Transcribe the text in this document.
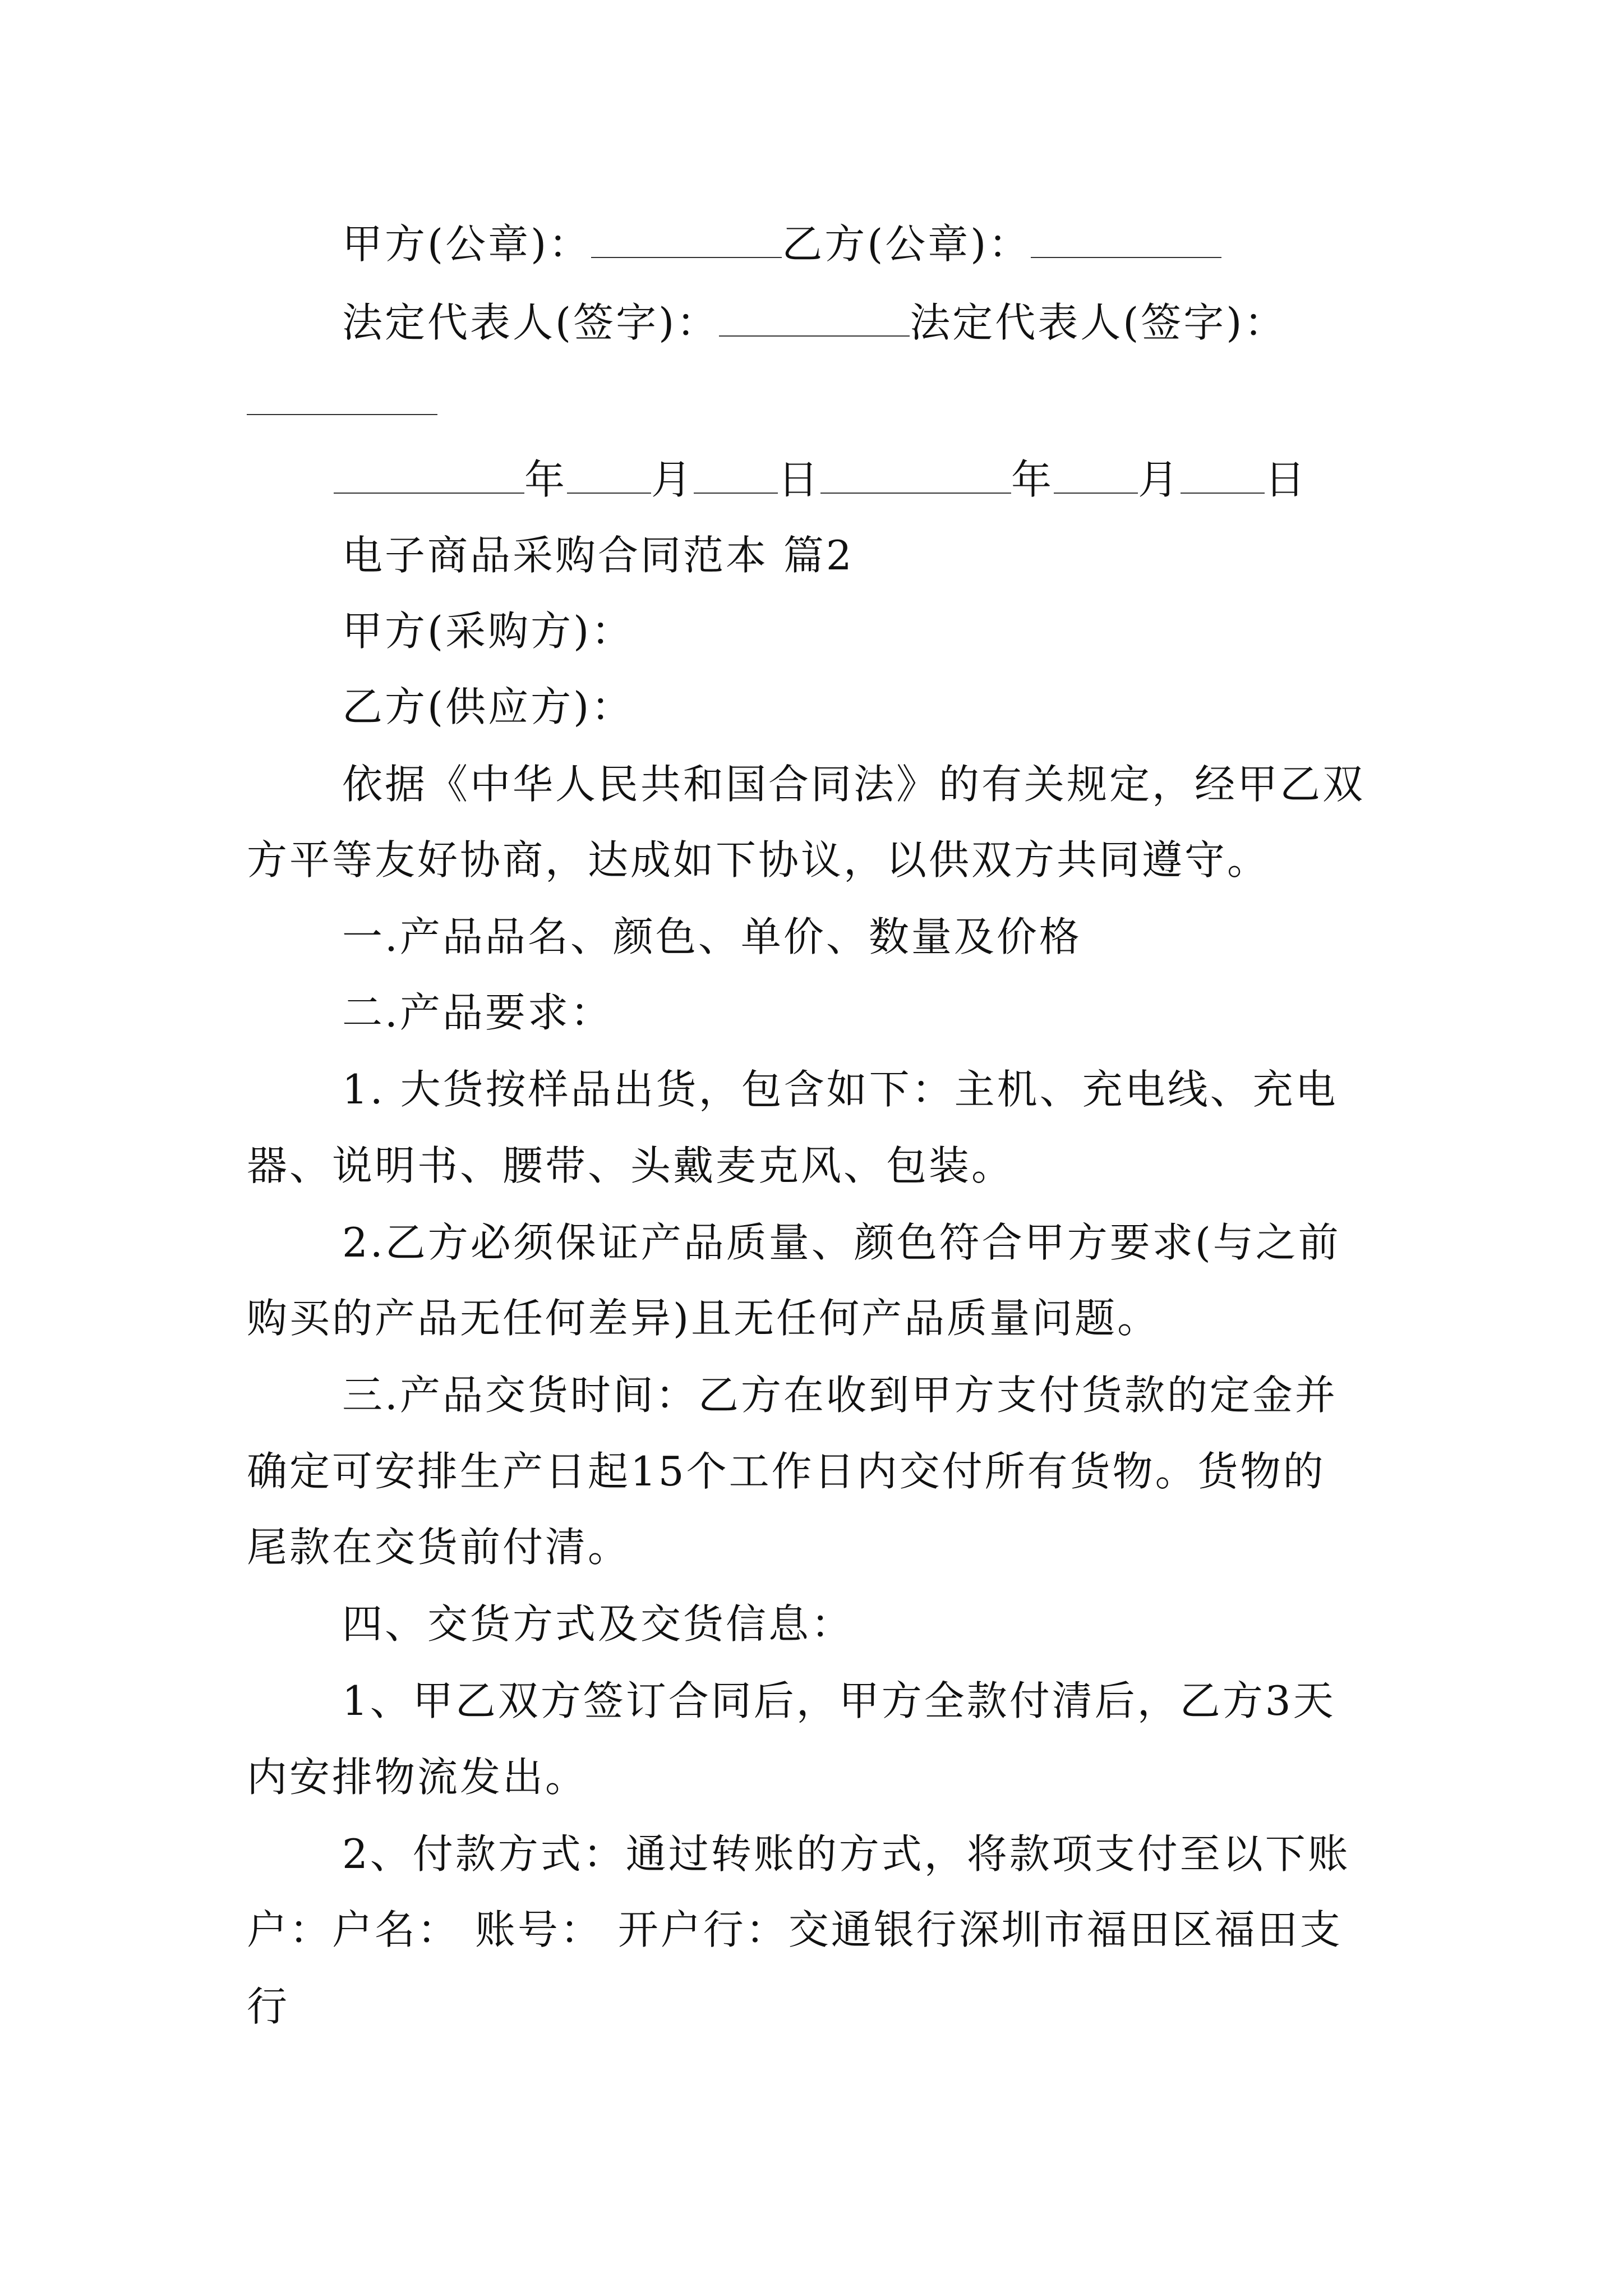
甲方(公章)：	乙方(公章)：
法定代表人(签字)：	法定代表人(签字)：
年 月 日	年 月 日
电子商品采购合同范本 篇2
甲方(采购方)：
乙方(供应方)：
依据《中华人民共和国合同法》的有关规定，经甲乙双
方平等友好协商，达成如下协议，以供双方共同遵守。
一.产品品名、颜色、单价、数量及价格
二.产品要求：
1. 大货按样品出货，包含如下：主机、充电线、充电
器、说明书、腰带、头戴麦克风、包装。
2.乙方必须保证产品质量、颜色符合甲方要求(与之前
购买的产品无任何差异)且无任何产品质量问题。
三.产品交货时间：乙方在收到甲方支付货款的定金并
确定可安排生产日起15个工作日内交付所有货物。货物的
尾款在交货前付清。
四、交货方式及交货信息：
1、甲乙双方签订合同后，甲方全款付清后，乙方3天
内安排物流发出。
2、付款方式：通过转账的方式，将款项支付至以下账
户：户名： 账号： 开户行：交通银行深圳市福田区福田支
行
